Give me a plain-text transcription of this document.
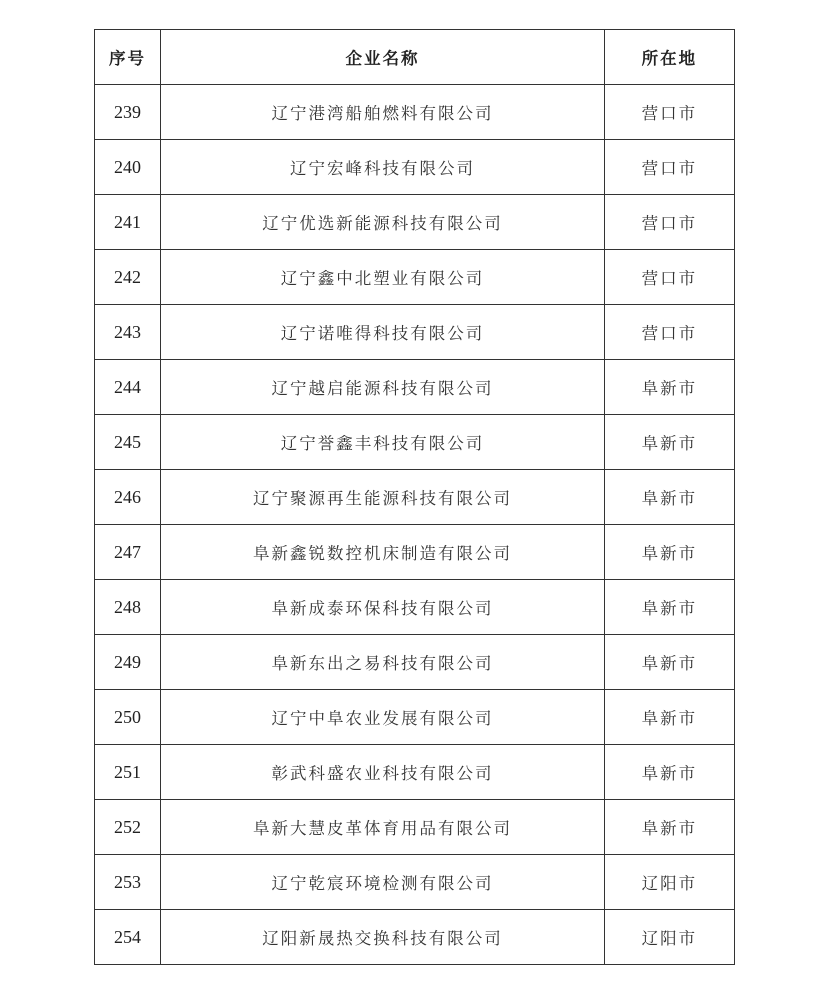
序号	企业名称	所在地
239	辽宁港湾船舶燃料有限公司	营口市
240	辽宁宏峰科技有限公司	营口市
241	辽宁优选新能源科技有限公司	营口市
242	辽宁鑫中北塑业有限公司	营口市
243	辽宁诺唯得科技有限公司	营口市
244	辽宁越启能源科技有限公司	阜新市
245	辽宁誉鑫丰科技有限公司	阜新市
246	辽宁聚源再生能源科技有限公司	阜新市
247	阜新鑫锐数控机床制造有限公司	阜新市
248	阜新成泰环保科技有限公司	阜新市
249	阜新东出之易科技有限公司	阜新市
250	辽宁中阜农业发展有限公司	阜新市
251	彰武科盛农业科技有限公司	阜新市
252	阜新大慧皮革体育用品有限公司	阜新市
253	辽宁乾宸环境检测有限公司	辽阳市
254	辽阳新晟热交换科技有限公司	辽阳市
